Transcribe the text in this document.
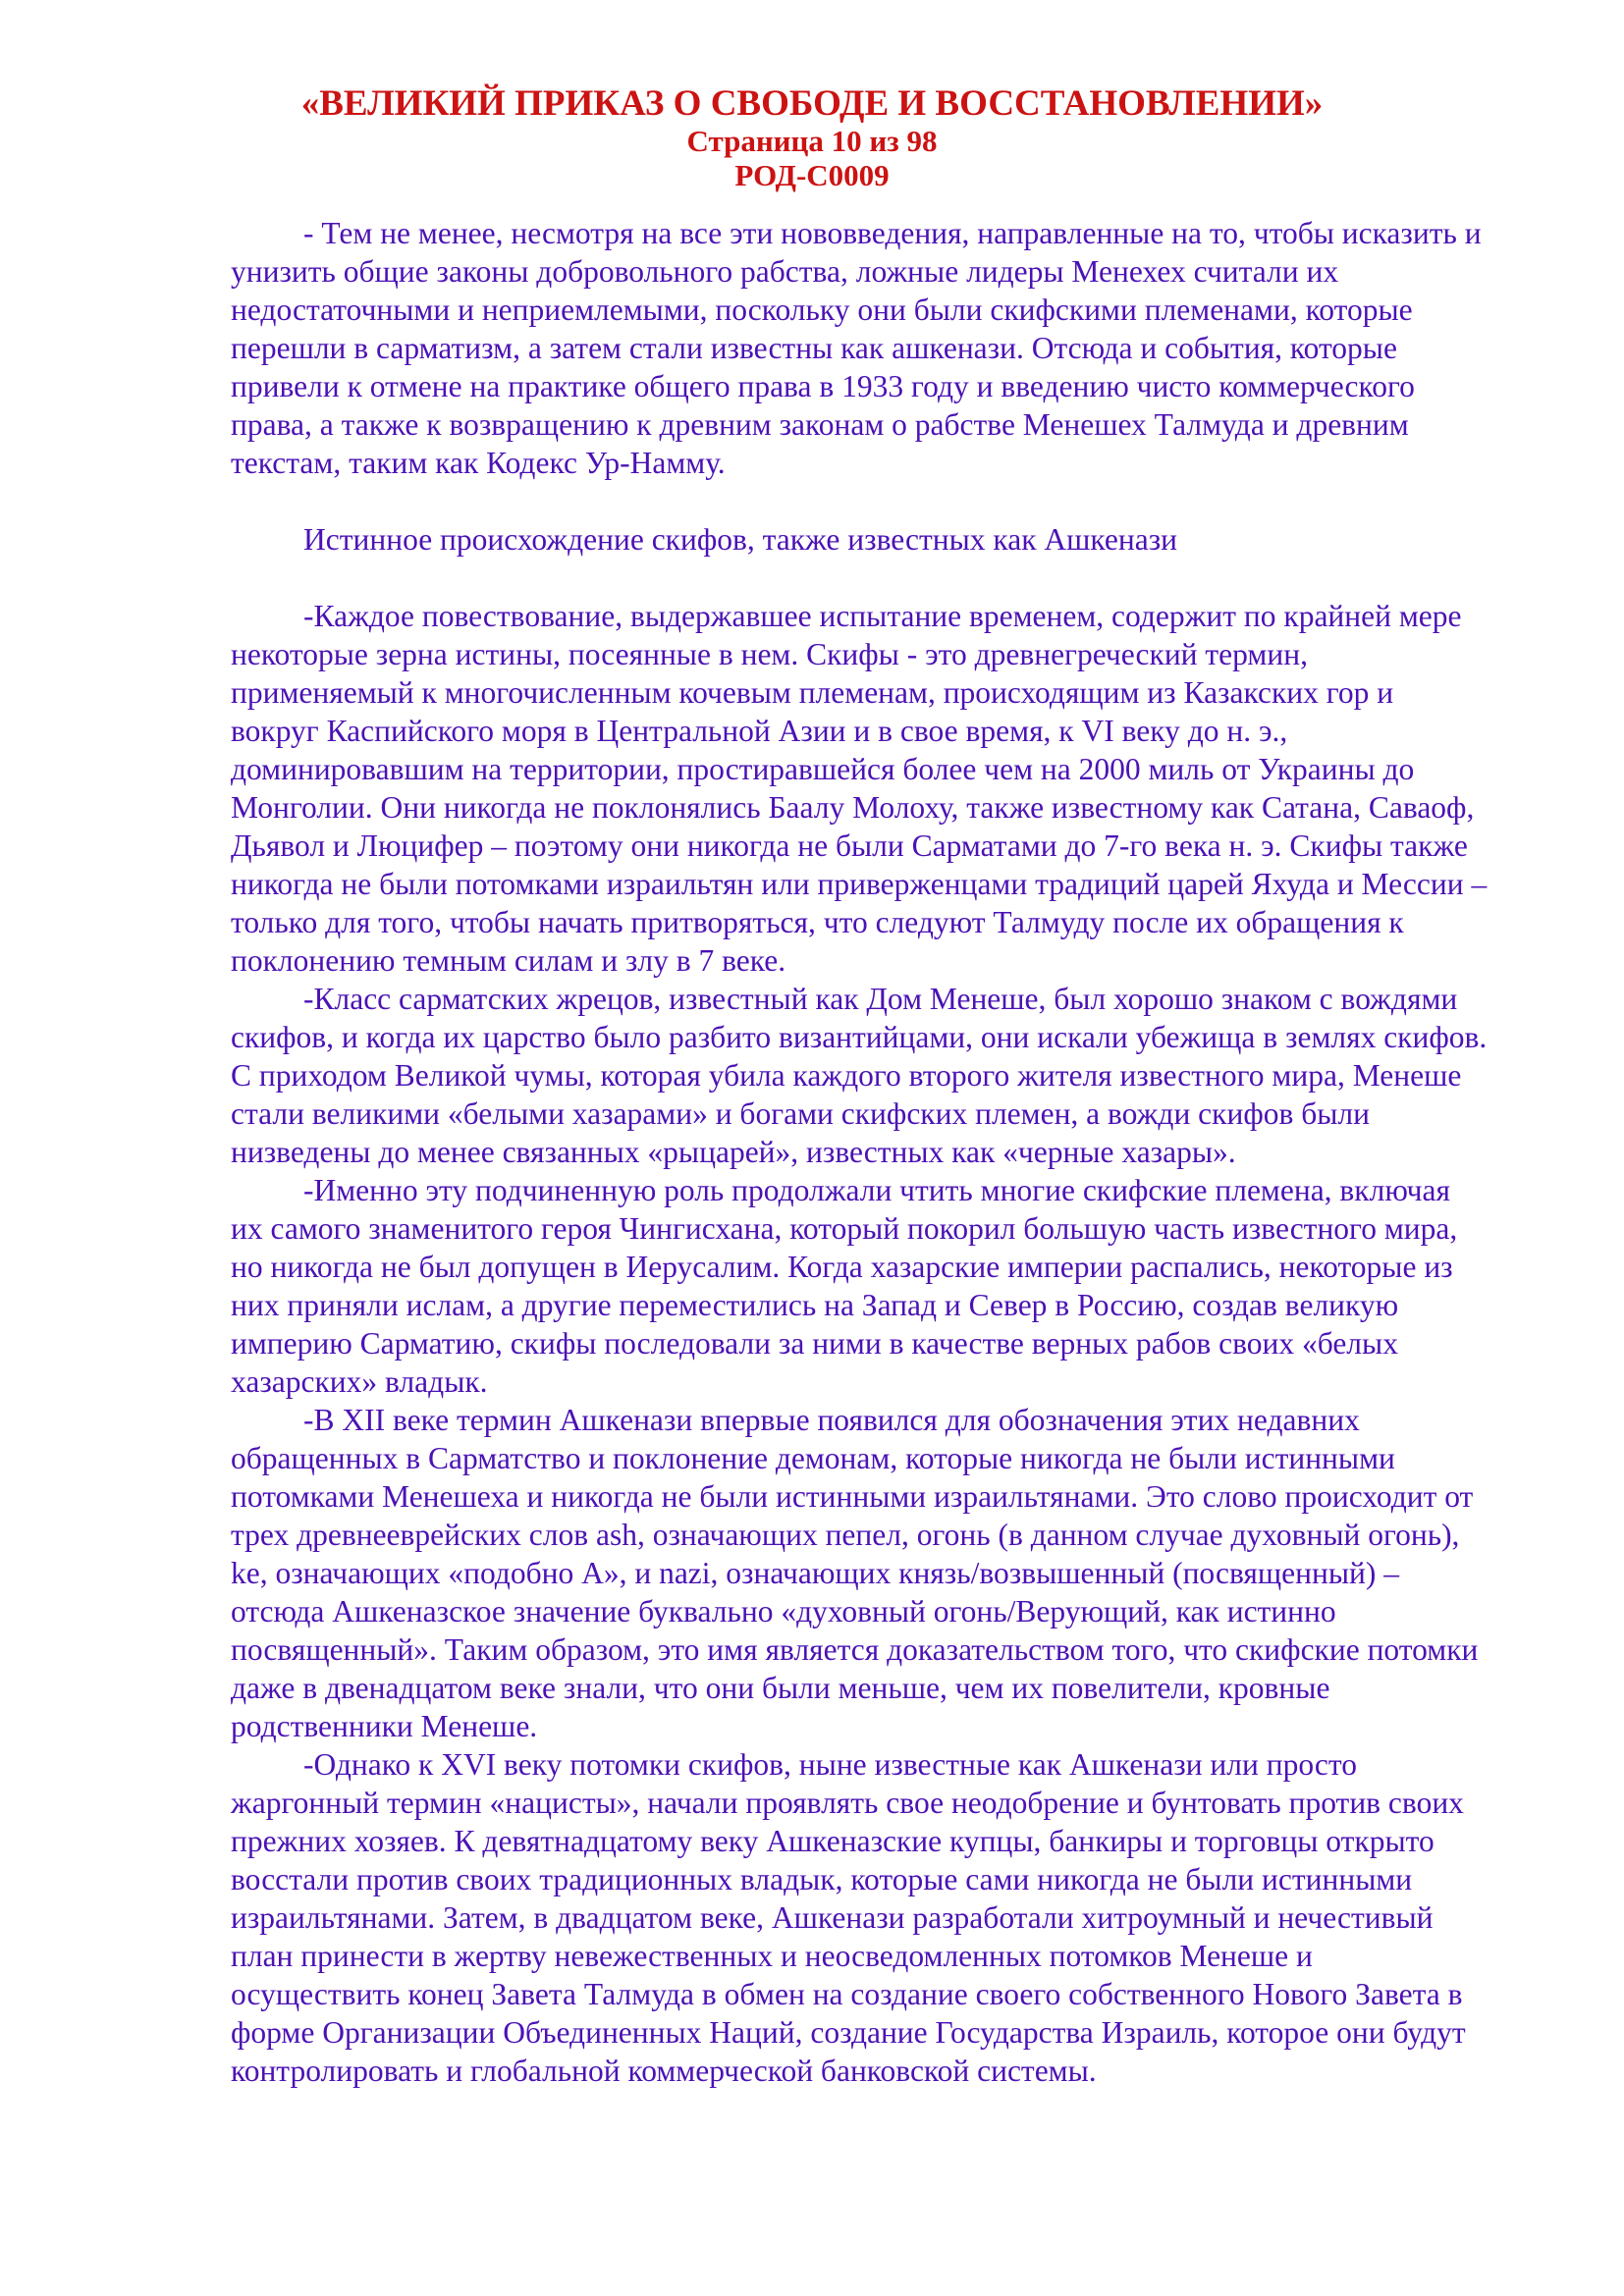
«ВЕЛИКИЙ ПРИКАЗ О СВОБОДЕ И ВОССТАНОВЛЕНИИ»
Страница 10 из 98
РОД-С0009

- Тем не менее, несмотря на все эти нововведения, направленные на то, чтобы исказить и унизить общие законы добровольного рабства, ложные лидеры Менехех считали их недостаточными и неприемлемыми, поскольку они были скифскими племенами, которые перешли в сарматизм, а затем стали известны как ашкенази. Отсюда и события, которые привели к отмене на практике общего права в 1933 году и введению чисто коммерческого права, а также к возвращению к древним законам о рабстве Менешех Талмуда и древним текстам, таким как Кодекс Ур-Намму.

Истинное происхождение скифов, также известных как Ашкенази

-Каждое повествование, выдержавшее испытание временем, содержит по крайней мере некоторые зерна истины, посеянные в нем. Скифы - это древнегреческий термин, применяемый к многочисленным кочевым племенам, происходящим из Казакских гор и вокруг Каспийского моря в Центральной Азии и в свое время, к VI веку до н. э., доминировавшим на территории, простиравшейся более чем на 2000 миль от Украины до Монголии. Они никогда не поклонялись Баалу Молоху, также известному как Сатана, Саваоф, Дьявол и Люцифер – поэтому они никогда не были Сарматами до 7-го века н. э. Скифы также никогда не были потомками израильтян или приверженцами традиций царей Яхуда и Мессии – только для того, чтобы начать притворяться, что следуют Талмуду после их обращения к поклонению темным силам и злу в 7 веке.

-Класс сарматских жрецов, известный как Дом Менеше, был хорошо знаком с вождями скифов, и когда их царство было разбито византийцами, они искали убежища в землях скифов. С приходом Великой чумы, которая убила каждого второго жителя известного мира, Менеше стали великими «белыми хазарами» и богами скифских племен, а вожди скифов были низведены до менее связанных «рыцарей», известных как «черные хазары».

-Именно эту подчиненную роль продолжали чтить многие скифские племена, включая их самого знаменитого героя Чингисхана, который покорил большую часть известного мира, но никогда не был допущен в Иерусалим. Когда хазарские империи распались, некоторые из них приняли ислам, а другие переместились на Запад и Север в Россию, создав великую империю Сарматию, скифы последовали за ними в качестве верных рабов своих «белых хазарских» владык.

-В XII веке термин Ашкенази впервые появился для обозначения этих недавних обращенных в Сарматство и поклонение демонам, которые никогда не были истинными потомками Менешеха и никогда не были истинными израильтянами. Это слово происходит от трех древнееврейских слов ash, означающих пепел, огонь (в данном случае духовный огонь), ke, означающих «подобно А», и nazi, означающих князь/возвышенный (посвященный) – отсюда Ашкеназское значение буквально «духовный огонь/Верующий, как истинно посвященный». Таким образом, это имя является доказательством того, что скифские потомки даже в двенадцатом веке знали, что они были меньше, чем их повелители, кровные родственники Менеше.

-Однако к XVI веку потомки скифов, ныне известные как Ашкенази или просто жаргонный термин «нацисты», начали проявлять свое неодобрение и бунтовать против своих прежних хозяев. К девятнадцатому веку Ашкеназские купцы, банкиры и торговцы открыто восстали против своих традиционных владык, которые сами никогда не были истинными израильтянами. Затем, в двадцатом веке, Ашкенази разработали хитроумный и нечестивый план принести в жертву невежественных и неосведомленных потомков Менеше и осуществить конец Завета Талмуда в обмен на создание своего собственного Нового Завета в форме Организации Объединенных Наций, создание Государства Израиль, которое они будут контролировать и глобальной коммерческой банковской системы.
